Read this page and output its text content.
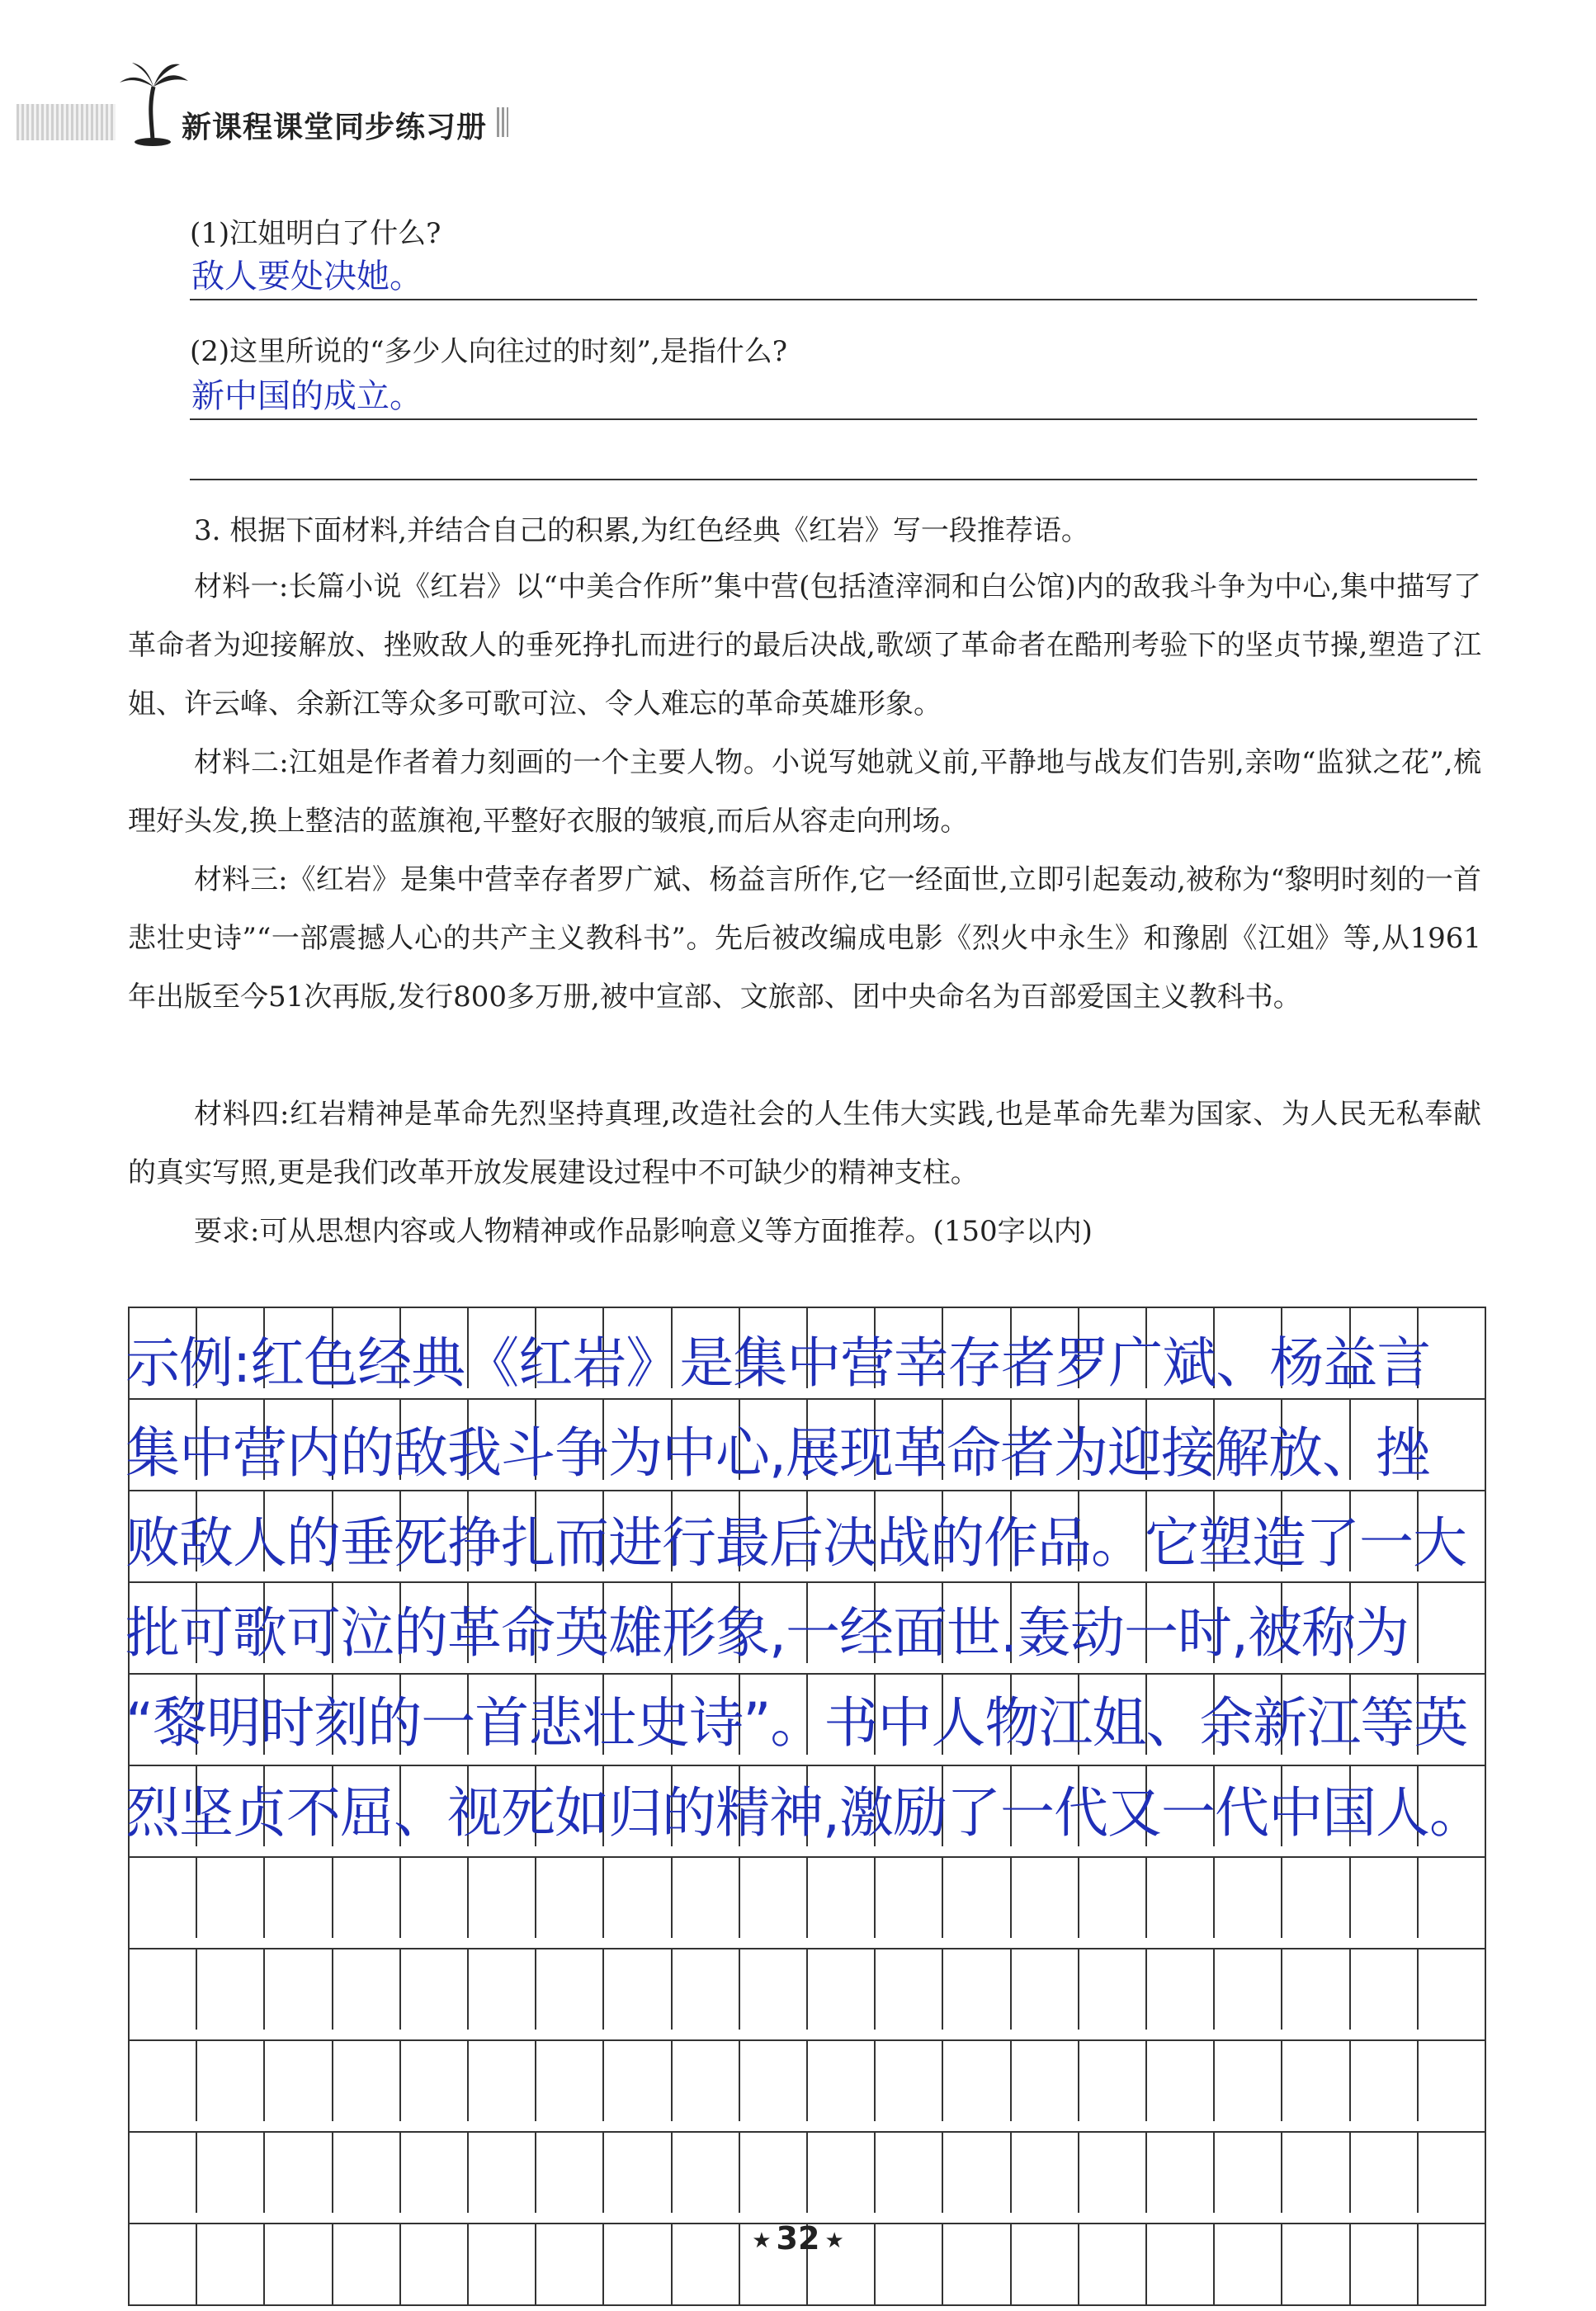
新课程课堂同步练习册
(1)江姐明白了什么?
敌人要处决她。
(2)这里所说的“多少人向往过的时刻”,是指什么?
新中国的成立。
3. 根据下面材料,并结合自己的积累,为红色经典《红岩》写一段推荐语。
材料一:长篇小说《红岩》以“中美合作所”集中营(包括渣滓洞和白公馆)内的敌我斗争为中心,集中描写了革命者为迎接解放、挫败敌人的垂死挣扎而进行的最后决战,歌颂了革命者在酷刑考验下的坚贞节操,塑造了江姐、许云峰、余新江等众多可歌可泣、令人难忘的革命英雄形象。
材料二:江姐是作者着力刻画的一个主要人物。小说写她就义前,平静地与战友们告别,亲吻“监狱之花”,梳理好头发,换上整洁的蓝旗袍,平整好衣服的皱痕,而后从容走向刑场。
材料三:《红岩》是集中营幸存者罗广斌、杨益言所作,它一经面世,立即引起轰动,被称为“黎明时刻的一首悲壮史诗”“一部震撼人心的共产主义教科书”。先后被改编成电影《烈火中永生》和豫剧《江姐》等,从1961年出版至今51次再版,发行800多万册,被中宣部、文旅部、团中央命名为百部爱国主义教科书。
材料四:红岩精神是革命先烈坚持真理,改造社会的人生伟大实践,也是革命先辈为国家、为人民无私奉献的真实写照,更是我们改革开放发展建设过程中不可缺少的精神支柱。
要求:可从思想内容或人物精神或作品影响意义等方面推荐。(150字以内)
示例:红色经典《红岩》是集中营幸存者罗广斌、杨益言
集中营内的敌我斗争为中心,展现革命者为迎接解放、挫
败敌人的垂死挣扎而进行最后决战的作品。它塑造了一大
批可歌可泣的革命英雄形象,一经面世.轰动一时,被称为
“黎明时刻的一首悲壮史诗”。书中人物江姐、余新江等英
烈坚贞不屈、视死如归的精神,激励了一代又一代中国人。
★ 32 ★
